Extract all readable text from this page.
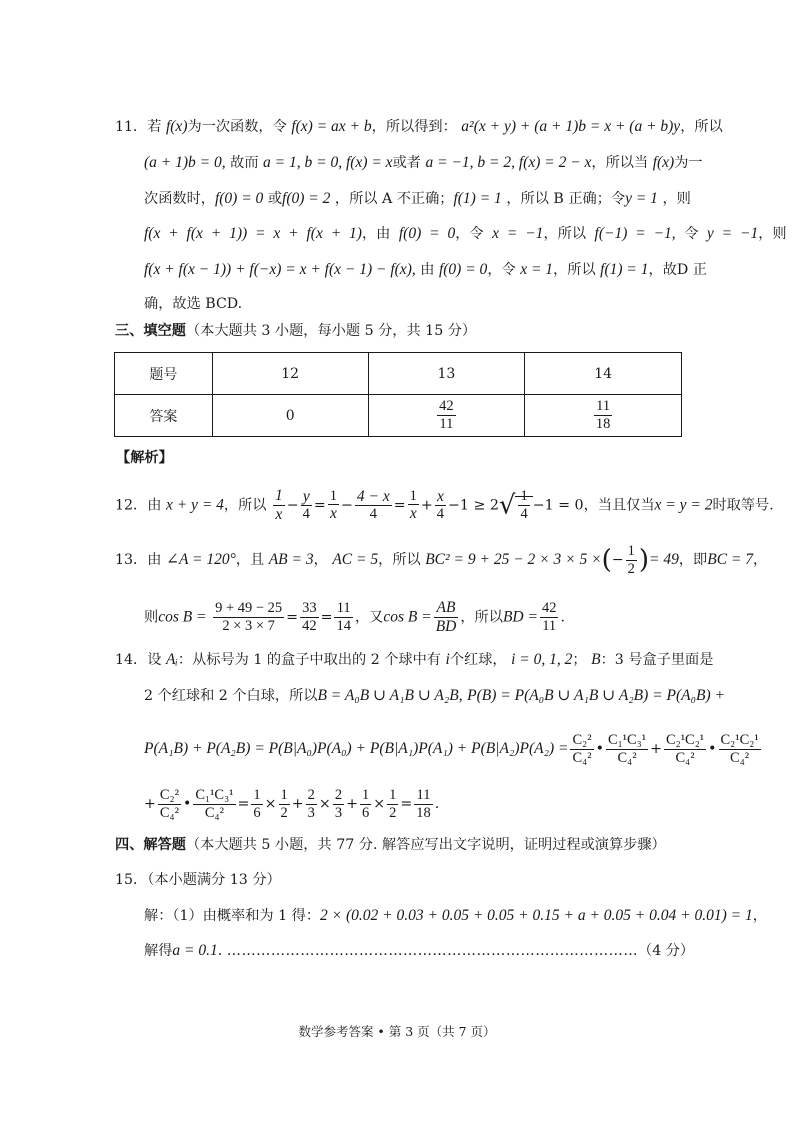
11．若 f(x)为一次函数，令 f(x) = ax + b，所以得到： a²(x + y) + (a + 1)b = x + (a + b)y，所以
(a + 1)b = 0, 故而 a = 1, b = 0, f(x) = x或者 a = −1, b = 2, f(x) = 2 − x，所以当 f(x)为一
次函数时，f(0) = 0 或f(0) = 2 ，所以 A 不正确；f(1) = 1 ，所以 B 正确；令y = 1 ，则
f(x + f(x + 1)) = x + f(x + 1)，由 f(0) = 0，令 x = −1，所以 f(−1) = −1, 令 y = −1，则
f(x + f(x − 1)) + f(−x) = x + f(x − 1) − f(x), 由 f(0) = 0，令 x = 1，所以 f(1) = 1，故D 正
确，故选 BCD.
三、填空题（本大题共 3 小题，每小题 5 分，共 15 分）
题号	12	13	14
答案	0	$\frac{42}{11}$	$\frac{11}{18}$
【解析】
12．由 x + y = 4，所以 $\frac{1}{x} - \frac{y}{4} = \frac{1}{x} - \frac{4 - x}{4} = \frac{1}{x} + \frac{x}{4} -1 \ge 2√ \frac{1}{4} -1 = 0$，当且仅当x = y = 2时取等号.
13．由 ∠A = 120°，且 AB = 3， AC = 5，所以 BC² = 9 + 25 − 2 × 3 × 5 ×(− $\frac{1}{2}$ )= 49，即BC = 7，
则$\cos B = \frac{9 + 49 - 25}{2 \times 3 \times 7} = \frac{33}{42} = \frac{11}{14}$ ，又$\cos B = \frac{AB}{BD}$ ，所以BD = $\frac{42}{11}$ .
14．设 Aᵢ：从标号为 1 的盒子中取出的 2 个球中有 i个红球， i = 0, 1, 2； B：3 号盒子里面是
2 个红球和 2 个白球，所以B = A₀B ∪ A₁B ∪ A₂B, P(B) = P(A₀B ∪ A₁B ∪ A₂B) = P(A₀B) +
$P(A_1B) + P(A_2B) = P(B|A_0)P(A_0) + P(B|A_1)P(A_1) + P(B|A_2)P(A_2) = \frac{\text{C₂²}}{\text{C₄²}}$ • $\frac{\text{C₁¹C₃¹}}{\text{C₄²}} + \frac{\text{C₂¹C₂¹}}{\text{C₄²}}$ • $\frac{\text{C₂¹C₂¹}}{\text{C₄²}}$
+ $\frac{\text{C₂²}}{\text{C₄²}}$ • $\frac{\text{C₁¹C₃¹}}{\text{C₄²}} = \frac{1}{6} \times \frac{1}{2} + \frac{2}{3} \times \frac{2}{3} + \frac{1}{6} \times \frac{1}{2} = \frac{11}{18}$ .
四、解答题（本大题共 5 小题，共 77 分. 解答应写出文字说明，证明过程或演算步骤）
15．（本小题满分 13 分）
解：（1）由概率和为 1 得：2 × (0.02 + 0.03 + 0.05 + 0.05 + 0.15 + a + 0.05 + 0.04 + 0.01) = 1，
解得a = 0.1. …………………………………………………………………………（4 分）
数学参考答案 • 第 3 页（共 7 页）
